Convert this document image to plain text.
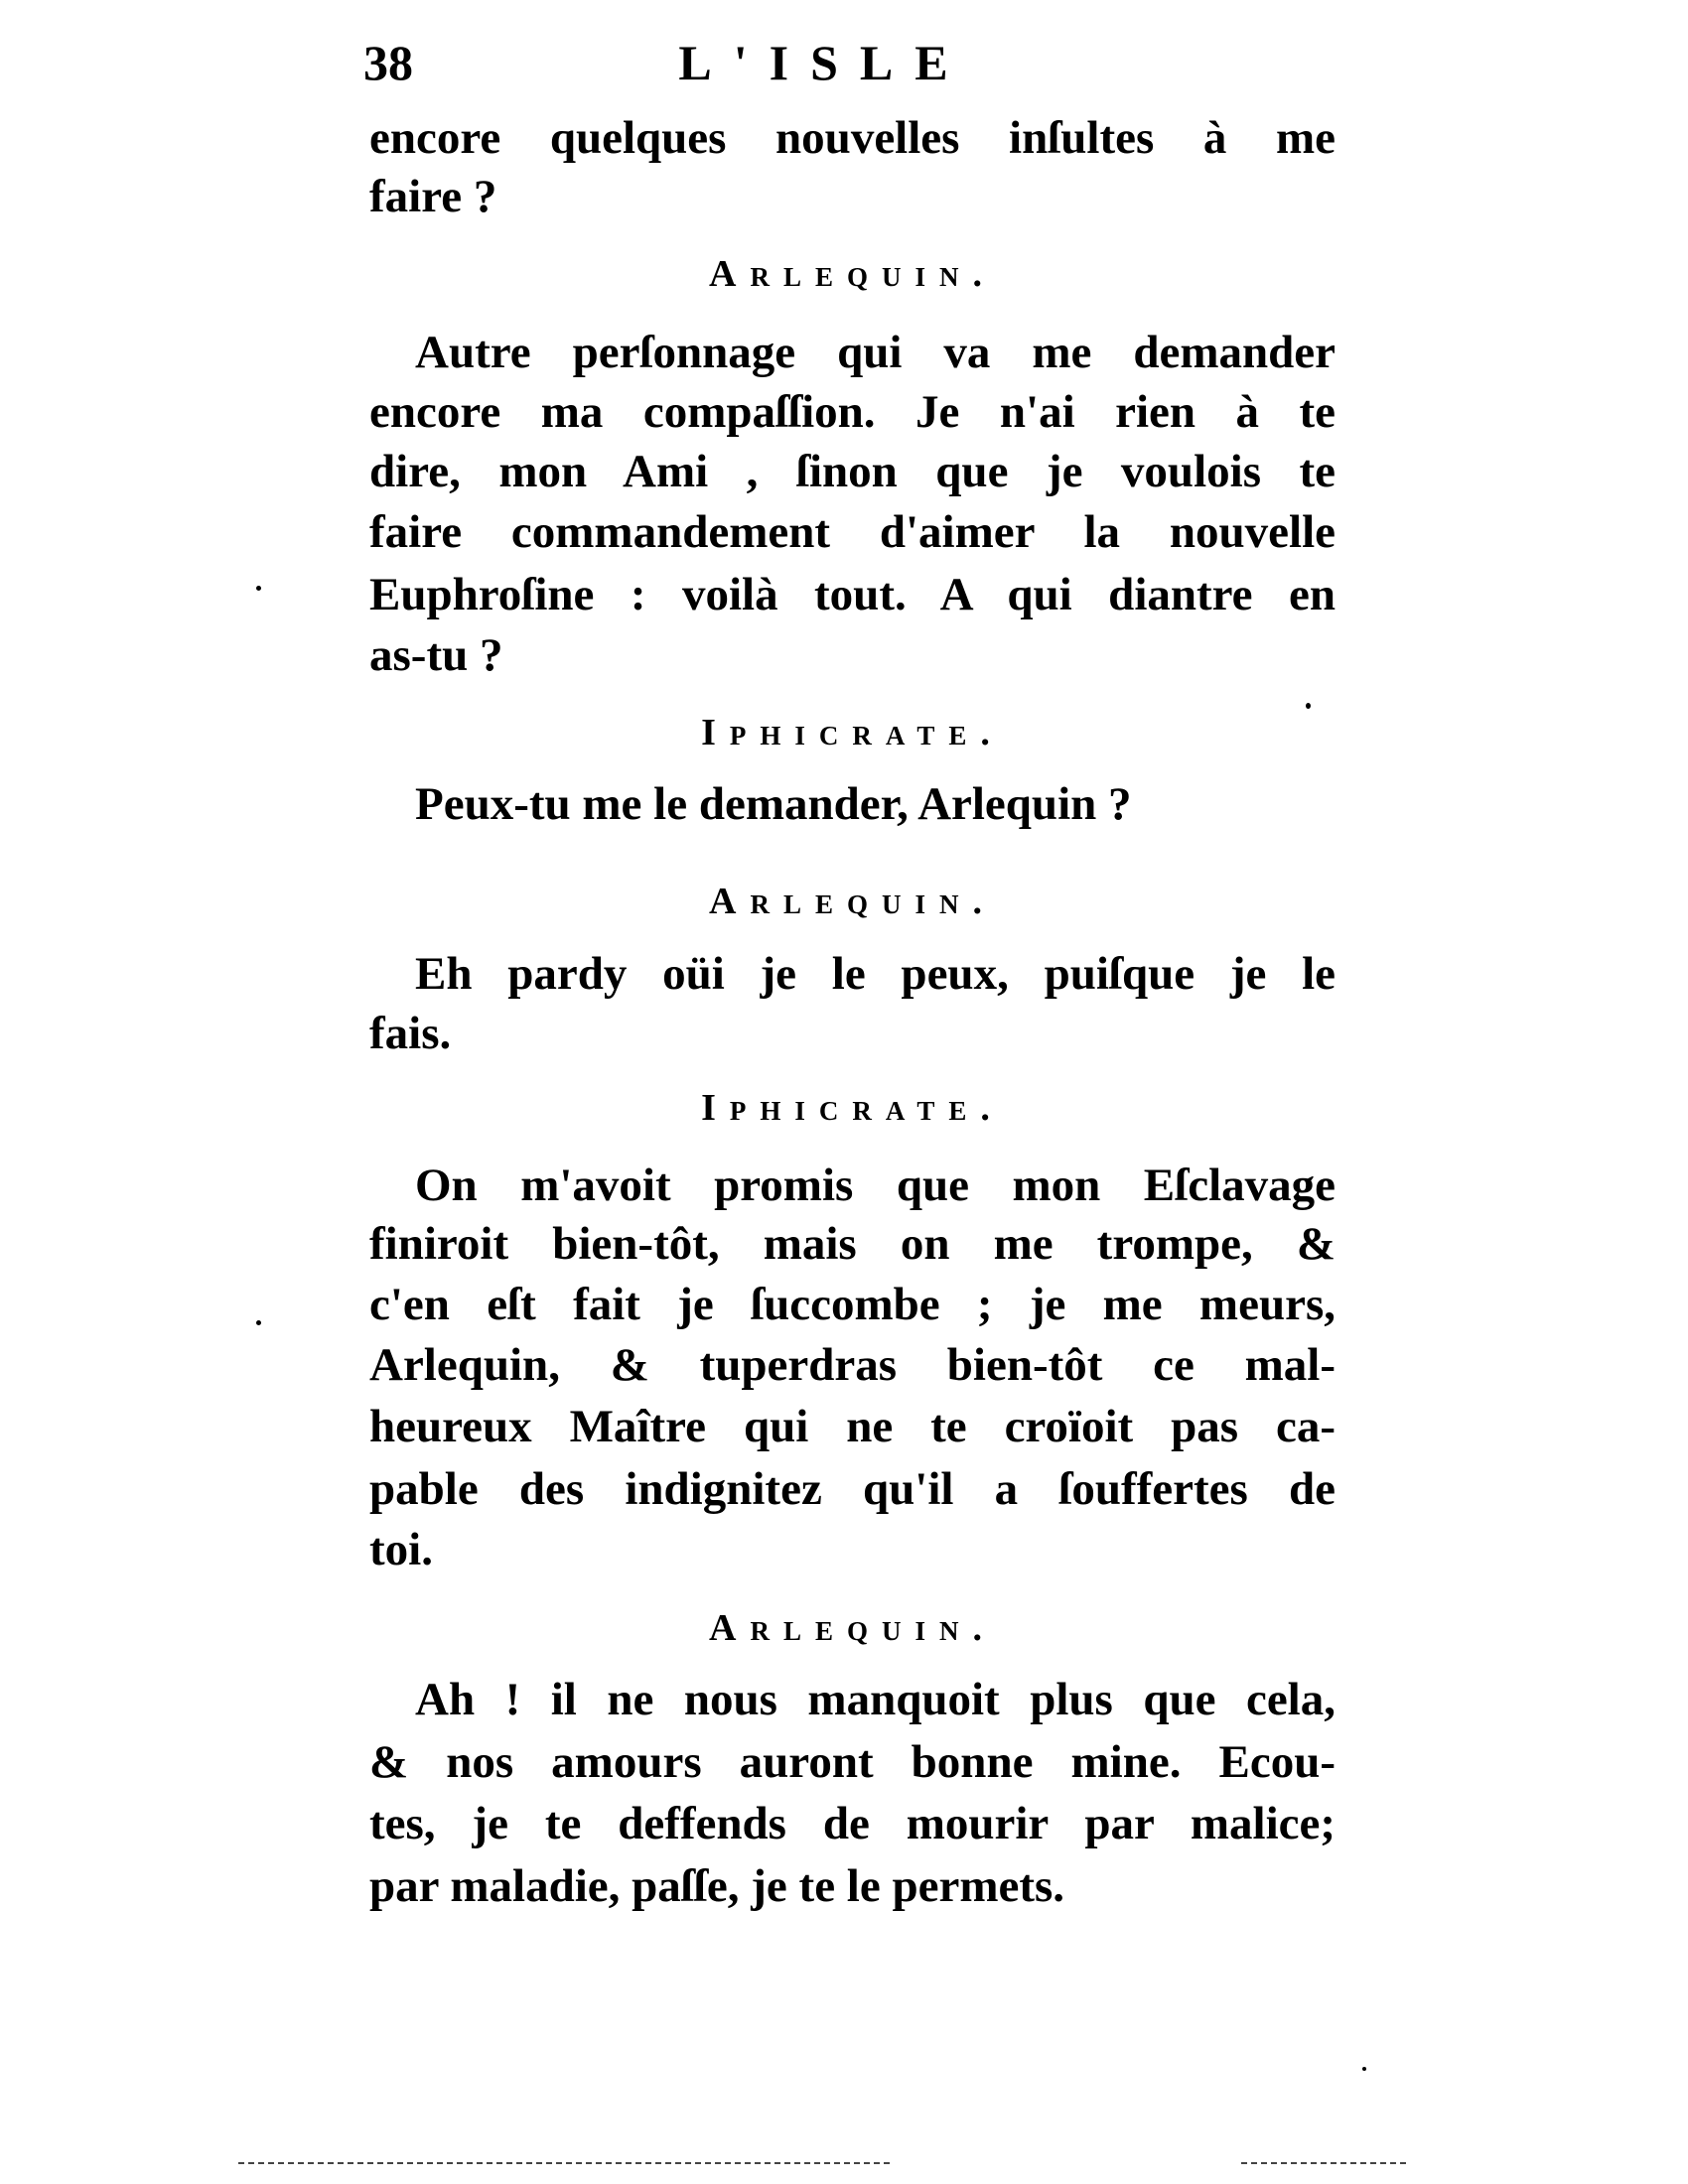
38	L'ISLE
encore quelques nouvelles inſultes à me
faire ?
Arlequin.
Autre perſonnage qui va me demander
encore ma compaſſion. Je n'ai rien à te
dire, mon Ami , ſinon que je voulois te
faire commandement d'aimer la nouvelle
Euphroſine : voilà tout. A qui diantre en
as-tu ?
Iphicrate.
Peux-tu me le demander, Arlequin ?
Arlequin.
Eh pardy oüi je le peux, puiſque je le
fais.
Iphicrate.
On m'avoit promis que mon Eſclavage
finiroit bien-tôt, mais on me trompe, &
c'en eſt fait je ſuccombe ; je me meurs,
Arlequin, & tuperdras bien-tôt ce mal-
heureux Maître qui ne te croïoit pas ca-
pable des indignitez qu'il a ſouffertes de
toi.
Arlequin.
Ah ! il ne nous manquoit plus que cela,
& nos amours auront bonne mine. Ecou-
tes, je te deffends de mourir par malice;
par maladie, paſſe, je te le permets.
